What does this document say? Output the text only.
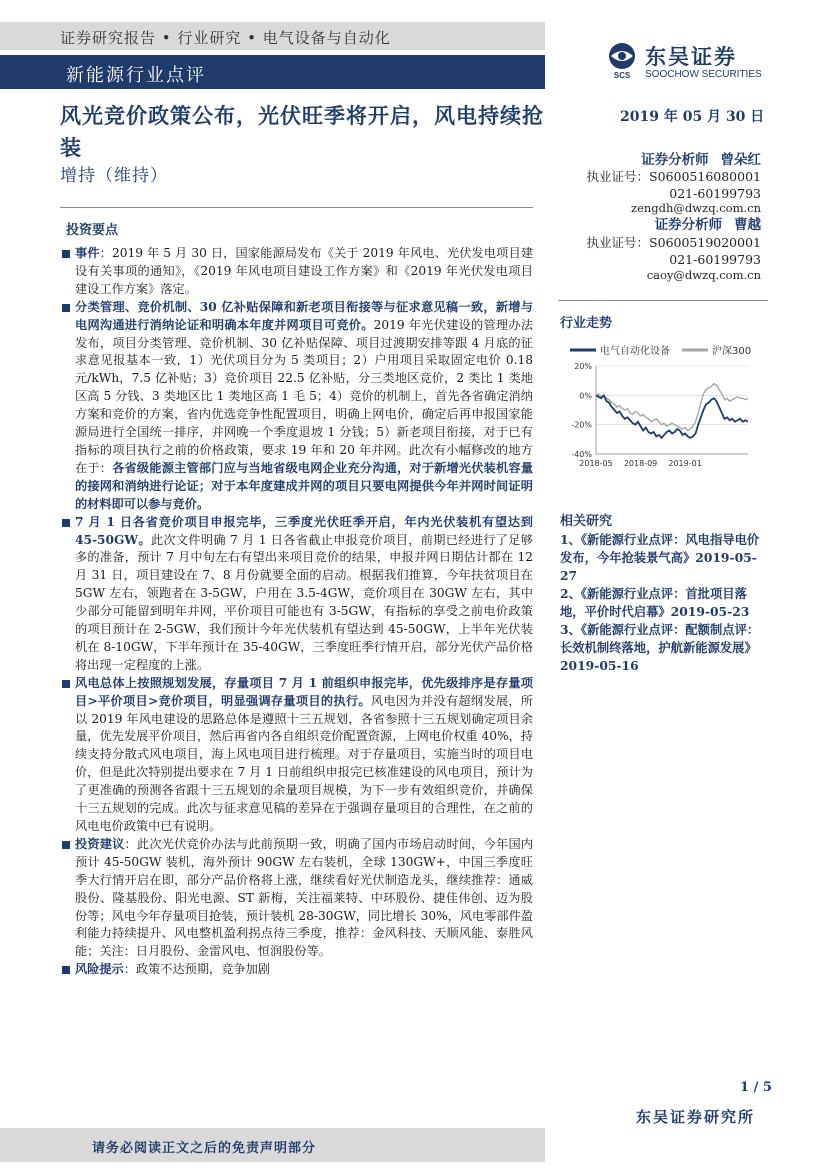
证券研究报告 • 行业研究 • 电气设备与自动化
新能源行业点评	SCS
东吴证券
SOOCHOW SECURITIES
风光竞价政策公布，光伏旺季将开启，风电持续抢装
增持（维持）
2019 年 05 月 30 日
证券分析师 曾朵红
执业证号：S0600516080001
021-60199793
zengdh@dwzq.com.cn
证券分析师 曹越
执业证号：S0600519020001
021-60199793
caoy@dwzq.com.cn
投资要点
事件：2019 年 5 月 30 日，国家能源局发布《关于 2019 年风电、光伏发电项目建设有关事项的通知》，《2019 年风电项目建设工作方案》和《2019 年光伏发电项目建设工作方案》落定。
分类管理、竞价机制、30 亿补贴保障和新老项目衔接等与征求意见稿一致，新增与电网沟通进行消纳论证和明确本年度并网项目可竞价。2019 年光伏建设的管理办法发布，项目分类管理、竞价机制、30 亿补贴保障、项目过渡期安排等跟 4 月底的征求意见报基本一致，1）光伏项目分为 5 类项目；2）户用项目采取固定电价 0.18 元/kWh，7.5 亿补贴；3）竞价项目 22.5 亿补贴，分三类地区竞价，2 类比 1 类地区高 5 分钱、3 类地区比 1 类地区高 1 毛 5；4）竞价的机制上，首先各省确定消纳方案和竞价的方案，省内优选竞争性配置项目，明确上网电价，确定后再申报国家能源局进行全国统一排序，并网晚一个季度退坡 1 分钱；5）新老项目衔接，对于已有指标的项目执行之前的价格政策，要求 19 年和 20 年并网。此次有小幅修改的地方在于：各省级能源主管部门应与当地省级电网企业充分沟通，对于新增光伏装机容量的接网和消纳进行论证；对于本年度建成并网的项目只要电网提供今年并网时间证明的材料即可以参与竞价。
7 月 1 日各省竞价项目申报完毕，三季度光伏旺季开启，年内光伏装机有望达到 45-50GW。此次文件明确 7 月 1 日各省截止申报竞价项目，前期已经进行了足够多的准备，预计 7 月中旬左右有望出来项目竞价的结果，申报并网日期估计都在 12 月 31 日，项目建设在 7、8 月份就要全面的启动。根据我们推算，今年扶贫项目在 5GW 左右，领跑者在 3-5GW，户用在 3.5-4GW，竞价项目在 30GW 左右，其中少部分可能留到明年并网，平价项目可能也有 3-5GW，有指标的享受之前电价政策的项目预计在 2-5GW，我们预计今年光伏装机有望达到 45-50GW，上半年光伏装机在 8-10GW，下半年预计在 35-40GW，三季度旺季行情开启，部分光伏产品价格将出现一定程度的上涨。
风电总体上按照规划发展，存量项目 7 月 1 前组织申报完毕，优先级排序是存量项目>平价项目>竞价项目，明显强调存量项目的执行。风电因为并没有超纲发展，所以 2019 年风电建设的思路总体是遵照十三五规划，各省参照十三五规划确定项目余量，优先发展平价项目，然后再省内各自组织竞价配置资源，上网电价权重 40%，持续支持分散式风电项目，海上风电项目进行梳理。对于存量项目，实施当时的项目电价，但是此次特别提出要求在 7 月 1 日前组织申报完已核准建设的风电项目，预计为了更准确的预测各省跟十三五规划的余量项目规模，为下一步有效组织竞价，并确保十三五规划的完成。此次与征求意见稿的差异在于强调存量项目的合理性，在之前的风电电价政策中已有说明。
投资建议：此次光伏竞价办法与此前预期一致，明确了国内市场启动时间，今年国内预计 45-50GW 装机，海外预计 90GW 左右装机，全球 130GW+，中国三季度旺季大行情开启在即，部分产品价格将上涨，继续看好光伏制造龙头，继续推荐：通威股份、隆基股份、阳光电源、ST 新梅，关注福莱特、中环股份、捷佳伟创、迈为股份等；风电今年存量项目抢装，预计装机 28-30GW，同比增长 30%，风电零部件盈利能力持续提升、风电整机盈利拐点待三季度，推荐：金风科技、天顺风能、泰胜风能；关注：日月股份、金雷风电、恒润股份等。
风险提示：政策不达预期，竞争加剧
行业走势
电气自动化设备	沪深300
20%
0%
-20%
-40%
2018-05 2018-09 2019-01
相关研究
1、《新能源行业点评：风电指导电价发布，今年抢装景气高》2019-05-27
2、《新能源行业点评：首批项目落地，平价时代启幕》2019-05-23
3、《新能源行业点评：配额制点评：长效机制终落地，护航新能源发展》2019-05-16
1 / 5
东吴证券研究所
请务必阅读正文之后的免责声明部分
